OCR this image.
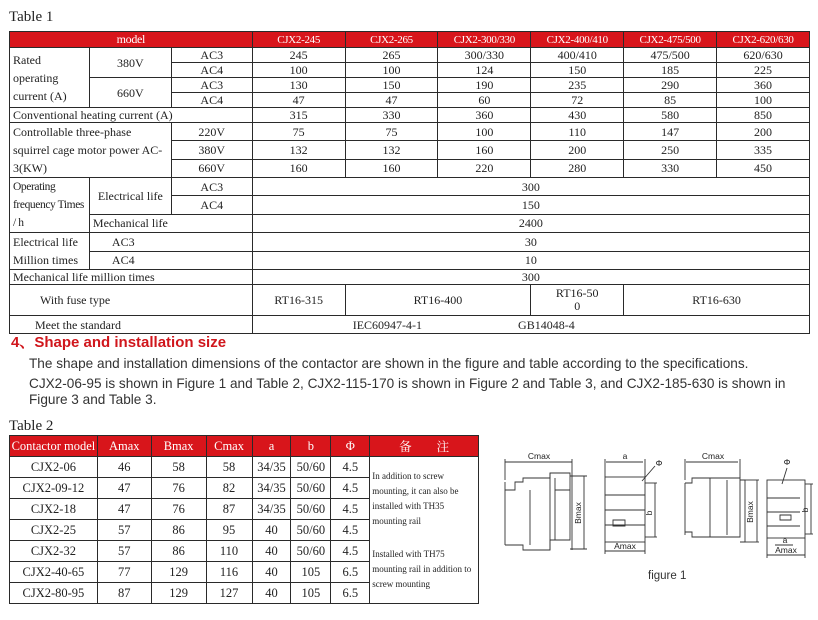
Table 1
model			CJX2-245	CJX2-265	CJX2-300/330	CJX2-400/410	CJX2-475/500	CJX2-620/630
Rated operating current (A)	380V	AC3	245	265	300/330	400/410	475/500	620/630
		AC4	100	100	124	150	185	225
	660V	AC3	130	150	190	235	290	360
		AC4	47	47	60	72	85	100
Conventional heating current (A)			315	330	360	430	580	850
Controllable three-phase squirrel cage motor power AC-3(KW)		220V	75	75	100	110	147	200
		380V	132	132	160	200	250	335
		660V	160	160	220	280	330	450
Operating frequency Times / h	Electrical life	AC3	300					
		AC4	150					
	Mechanical life		2400					
Electrical life Million times	AC3		30					
	AC4		10					
Mechanical life million times			300					
With fuse type			RT16-315	RT16-400		RT16-500	RT16-630	
Meet the standard			IEC60947-4-1 GB14048-4					
4、Shape and installation size
The shape and installation dimensions of the contactor are shown in the figure and table according to the specifications.
CJX2-06-95 is shown in Figure 1 and Table 2, CJX2-115-170 is shown in Figure 2 and Table 3, and CJX2-185-630 is shown in Figure 3 and Table 3.
Table 2
Contactor model	Amax	Bmax	Cmax	a	b	Φ	备　　注
CJX2-06	46	58	58	34/35	50/60	4.5	In addition to screw mounting, it can also be installed with TH35 mounting rail
Installed with TH75 mounting rail in addition to screw mounting

CJX2-09-12	47	76	82	34/35	50/60	4.5	
CJX2-18	47	76	87	34/35	50/60	4.5	
CJX2-25	57	86	95	40	50/60	4.5	
CJX2-32	57	86	110	40	50/60	4.5	
CJX2-40-65	77	129	116	40	105	6.5	
CJX2-80-95	87	129	127	40	105	6.5	
Cmax
Bmax
a
Φ
b
Amax
Cmax
Bmax
Φ
b
a
Amax
figure 1
